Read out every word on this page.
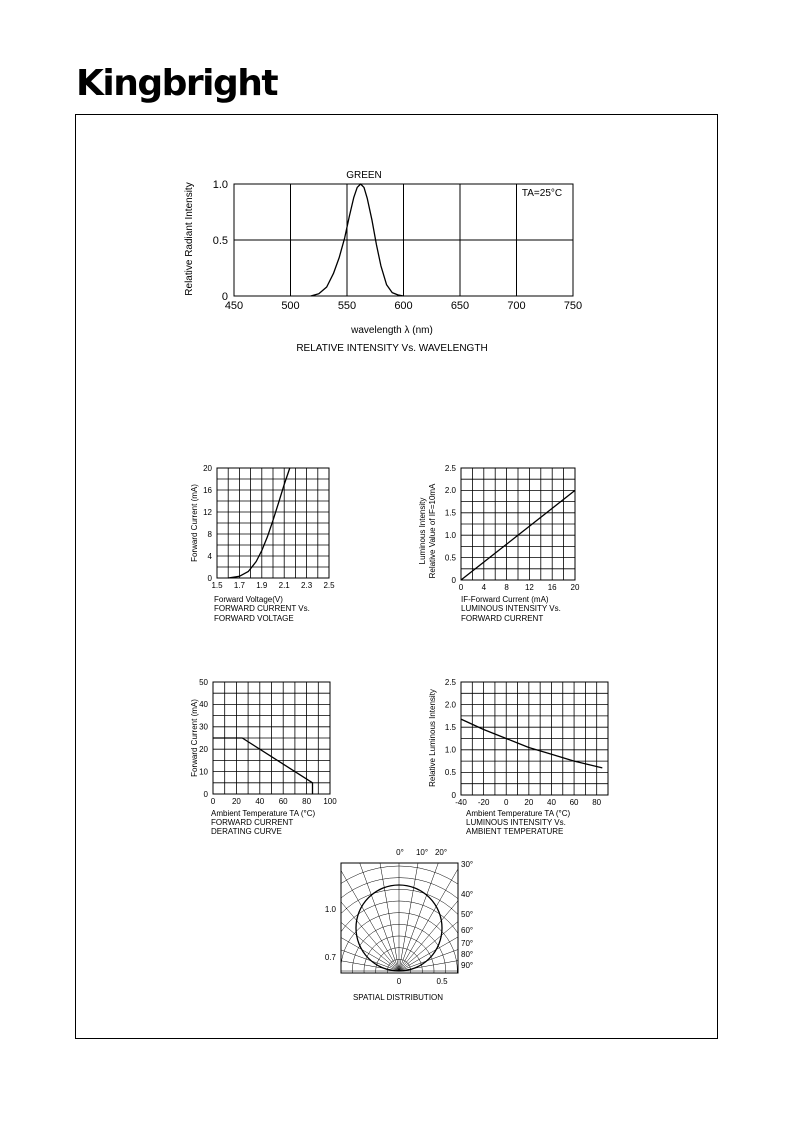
Kingbright
450	500	550	600	650	700	750
0
0.5
1.0
GREEN
TA=25°C
Relative Radiant Intensity
wavelength λ (nm)
RELATIVE INTENSITY Vs. WAVELENGTH
1.5 1.7 1.9 2.1 2.3 2.5
0
4
8
12
16
20
Forward Current (mA)
Forward Voltage(V)
FORWARD CURRENT Vs.
FORWARD VOLTAGE
0 4 8 12 16 20
0
0.5
1.0
1.5
2.0
2.5
Luminous Intensity Relative Value of IF=10mA
IF-Forward Current (mA)
LUMINOUS INTENSITY Vs.
FORWARD CURRENT
0 20 40 60 80 100
0
10
20
30
40
50
Forward Current (mA)
Ambient Temperature TA (°C)
FORWARD CURRENT
DERATING CURVE
-40 -20 0 20 40 60 80
0
0.5
1.0
1.5
2.0
2.5
Relative Luminous Intensity
Ambient Temperature TA (°C)
LUMINOUS INTENSITY Vs.
AMBIENT TEMPERATURE
0° 10° 20°
30°
40°
50°
60°
70°
80°
90°
1.0
0.7
0	0.5
SPATIAL DISTRIBUTION
